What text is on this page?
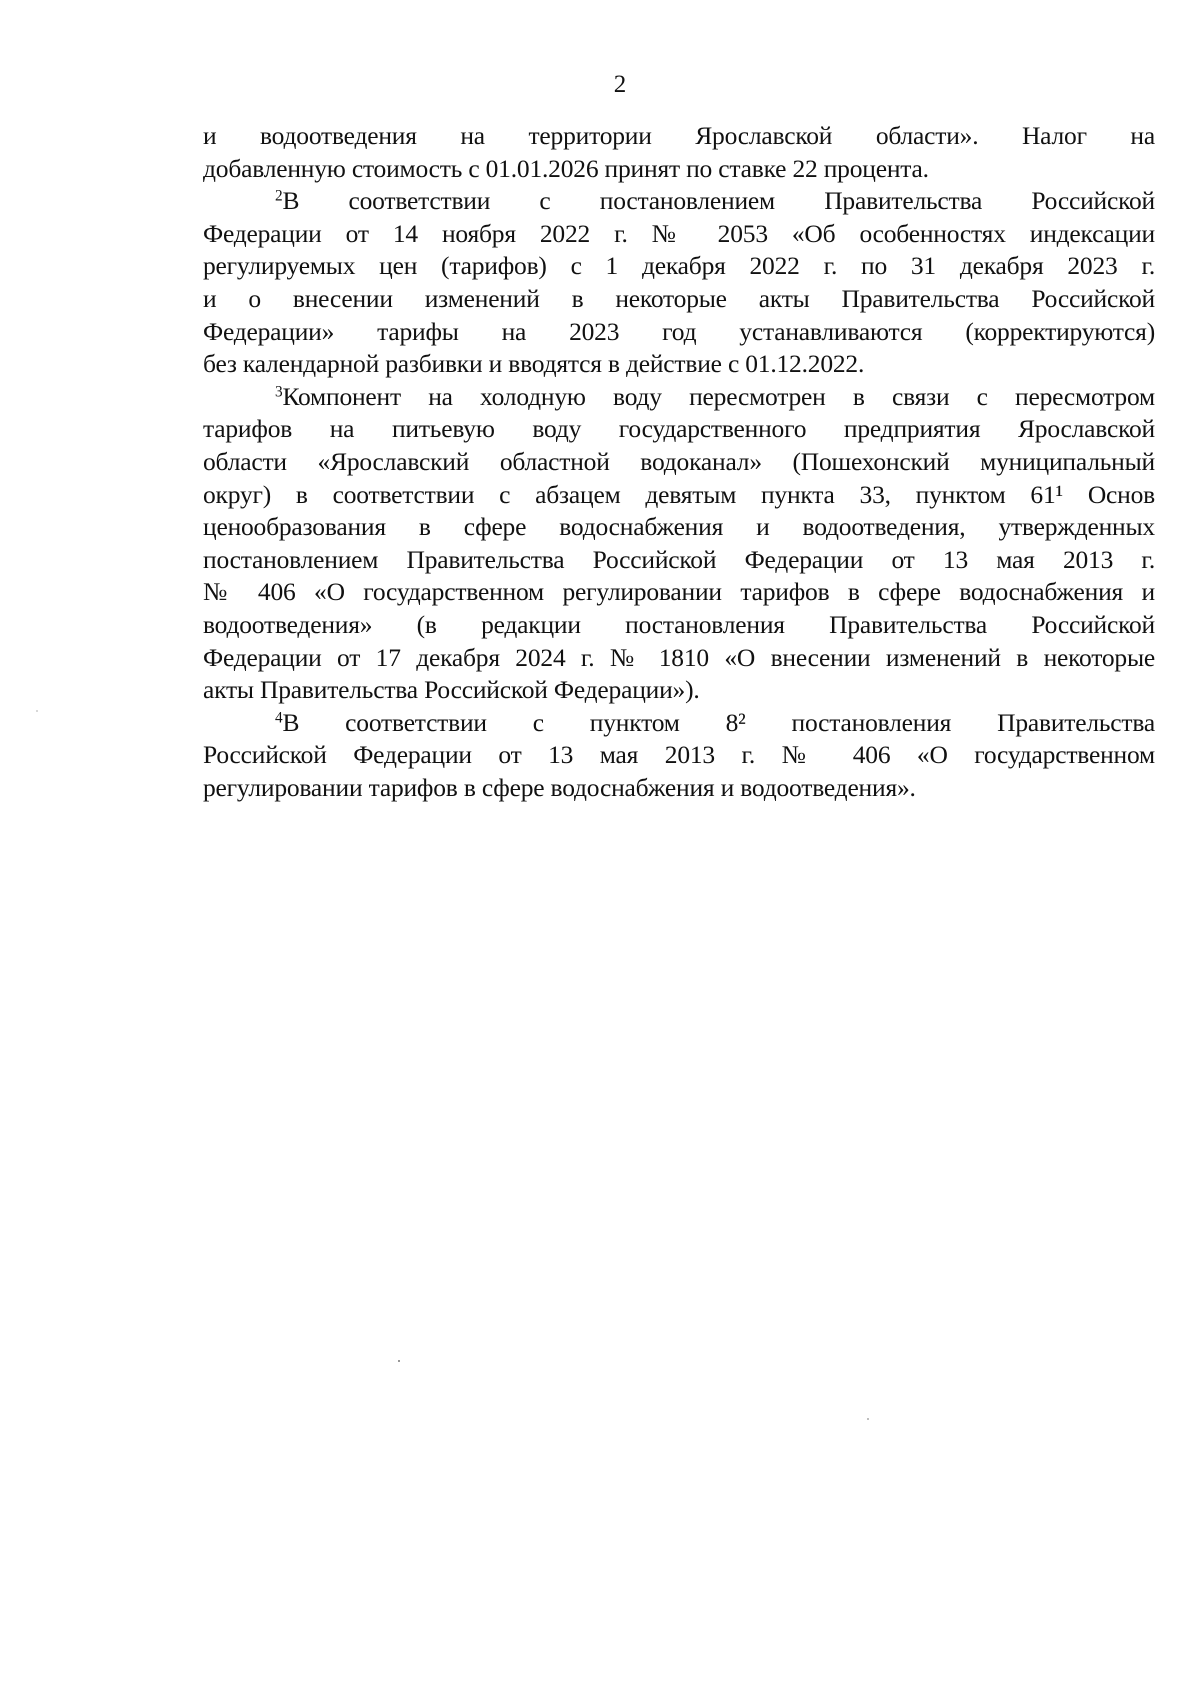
2
и водоотведения на территории Ярославской области». Налог на
добавленную стоимость с 01.01.2026 принят по ставке 22 процента.
$^2$В соответствии с постановлением Правительства Российской
Федерации от 14 ноября 2022 г. № 2053 «Об особенностях индексации
регулируемых цен (тарифов) с 1 декабря 2022 г. по 31 декабря 2023 г.
и о внесении изменений в некоторые акты Правительства Российской
Федерации» тарифы на 2023 год устанавливаются (корректируются)
без календарной разбивки и вводятся в действие с 01.12.2022.
$^3$Компонент на холодную воду пересмотрен в связи с пересмотром
тарифов на питьевую воду государственного предприятия Ярославской
области «Ярославский областной водоканал» (Пошехонский муниципальный
округ) в соответствии с абзацем девятым пункта 33, пунктом 61¹ Основ
ценообразования в сфере водоснабжения и водоотведения, утвержденных
постановлением Правительства Российской Федерации от 13 мая 2013 г.
№ 406 «О государственном регулировании тарифов в сфере водоснабжения и
водоотведения» (в редакции постановления Правительства Российской
Федерации от 17 декабря 2024 г. № 1810 «О внесении изменений в некоторые
акты Правительства Российской Федерации»).
$^4$В соответствии с пунктом 8² постановления Правительства
Российской Федерации от 13 мая 2013 г. № 406 «О государственном
регулировании тарифов в сфере водоснабжения и водоотведения».
